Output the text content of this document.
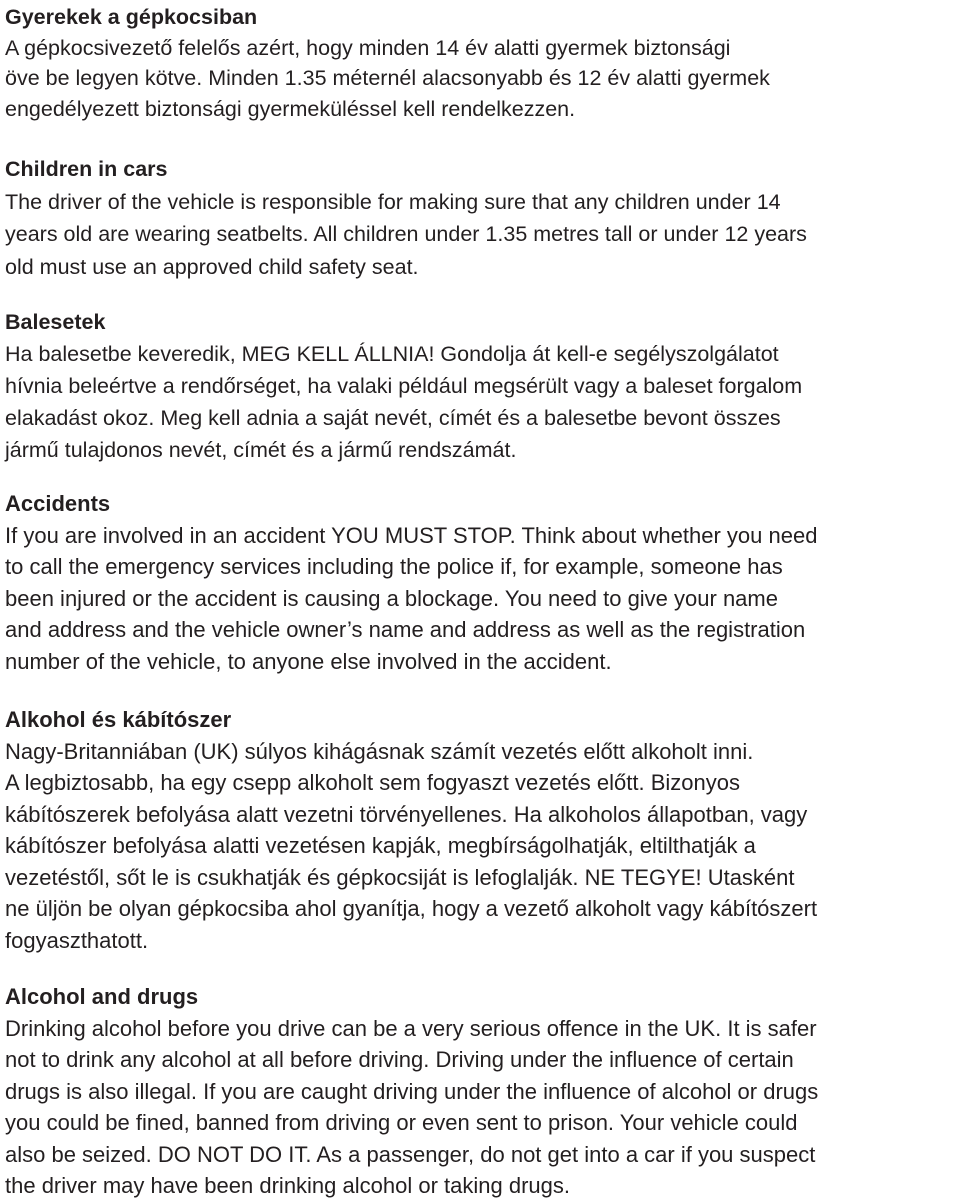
Gyerekek a gépkocsiban
A gépkocsivezető felelős azért, hogy minden 14 év alatti gyermek biztonsági
öve be legyen kötve. Minden 1.35 méternél alacsonyabb és 12 év alatti gyermek
engedélyezett biztonsági gyermeküléssel kell rendelkezzen.
Children in cars
The driver of the vehicle is responsible for making sure that any children under 14
years old are wearing seatbelts. All children under 1.35 metres tall or under 12 years
old must use an approved child safety seat.
Balesetek
Ha balesetbe keveredik, MEG KELL ÁLLNIA! Gondolja át kell-e segélyszolgálatot
hívnia beleértve a rendőrséget, ha valaki például megsérült vagy a baleset forgalom
elakadást okoz. Meg kell adnia a saját nevét, címét és a balesetbe bevont összes
jármű tulajdonos nevét, címét és a jármű rendszámát.
Accidents
If you are involved in an accident YOU MUST STOP. Think about whether you need
to call the emergency services including the police if, for example, someone has
been injured or the accident is causing a blockage. You need to give your name
and address and the vehicle owner’s name and address as well as the registration
number of the vehicle, to anyone else involved in the accident.
Alkohol és kábítószer
Nagy-Britanniában (UK) súlyos kihágásnak számít vezetés előtt alkoholt inni.
A legbiztosabb, ha egy csepp alkoholt sem fogyaszt vezetés előtt. Bizonyos
kábítószerek befolyása alatt vezetni törvényellenes. Ha alkoholos állapotban, vagy
kábítószer befolyása alatti vezetésen kapják, megbírságolhatják, eltilthatják a
vezetéstől, sőt le is csukhatják és gépkocsiját is lefoglalják. NE TEGYE! Utasként
ne üljön be olyan gépkocsiba ahol gyanítja, hogy a vezető alkoholt vagy kábítószert
fogyaszthatott.
Alcohol and drugs
Drinking alcohol before you drive can be a very serious offence in the UK. It is safer
not to drink any alcohol at all before driving. Driving under the influence of certain
drugs is also illegal. If you are caught driving under the influence of alcohol or drugs
you could be fined, banned from driving or even sent to prison. Your vehicle could
also be seized. DO NOT DO IT. As a passenger, do not get into a car if you suspect
the driver may have been drinking alcohol or taking drugs.
